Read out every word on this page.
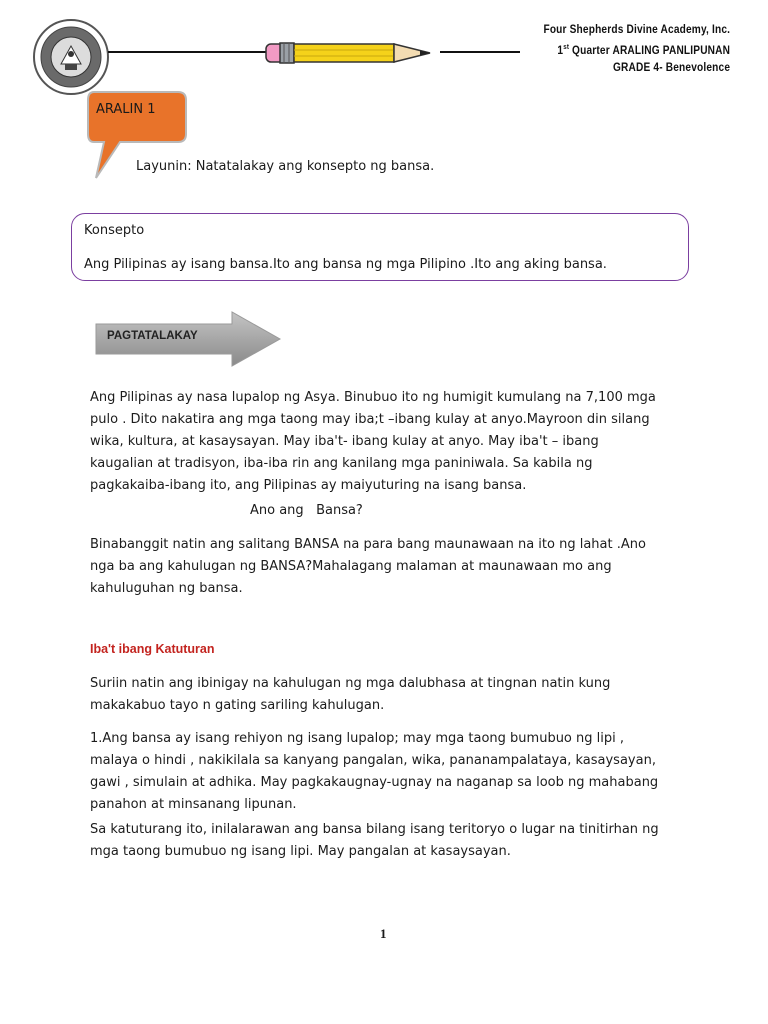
Four Shepherds Divine Academy, Inc.
1st Quarter ARALING PANLIPUNAN
GRADE 4- Benevolence
ARALIN 1
Layunin: Natatalakay ang konsepto ng bansa.
Konsepto
Ang Pilipinas ay isang bansa.Ito ang bansa ng mga Pilipino .Ito ang aking bansa.
PAGTATALAKAY

Ang Pilipinas ay nasa lupalop ng Asya. Binubuo ito ng humigit kumulang na 7,100 mga pulo . Dito nakatira ang mga taong may iba;t –ibang kulay at anyo.Mayroon din silang wika, kultura, at kasaysayan. May iba't- ibang kulay at anyo. May iba't – ibang kaugalian at tradisyon, iba-iba rin ang kanilang mga paniniwala. Sa kabila ng pagkakaiba-ibang ito, ang Pilipinas ay maiyuturing na isang bansa.

Ano ang   Bansa?

Binabanggit natin ang salitang BANSA na para bang maunawaan na ito ng lahat .Ano nga ba ang kahulugan ng BANSA?Mahalagang malaman at maunawaan mo ang kahuluguhan ng bansa.

Iba't ibang Katuturan

Suriin natin ang ibinigay na kahulugan ng mga dalubhasa at tingnan natin kung makakabuo tayo n gating sariling kahulugan.

1.Ang bansa ay isang rehiyon ng isang lupalop; may mga taong bumubuo ng lipi , malaya o hindi , nakikilala sa kanyang pangalan, wika, pananampalataya, kasaysayan, gawi , simulain at adhika. May pagkakaugnay-ugnay na naganap sa loob ng mahabang panahon at minsanang lipunan.

Sa katuturang ito, inilalarawan ang bansa bilang isang teritoryo o lugar na tinitirhan ng mga taong bumubuo ng isang lipi. May pangalan at kasaysayan.

1
